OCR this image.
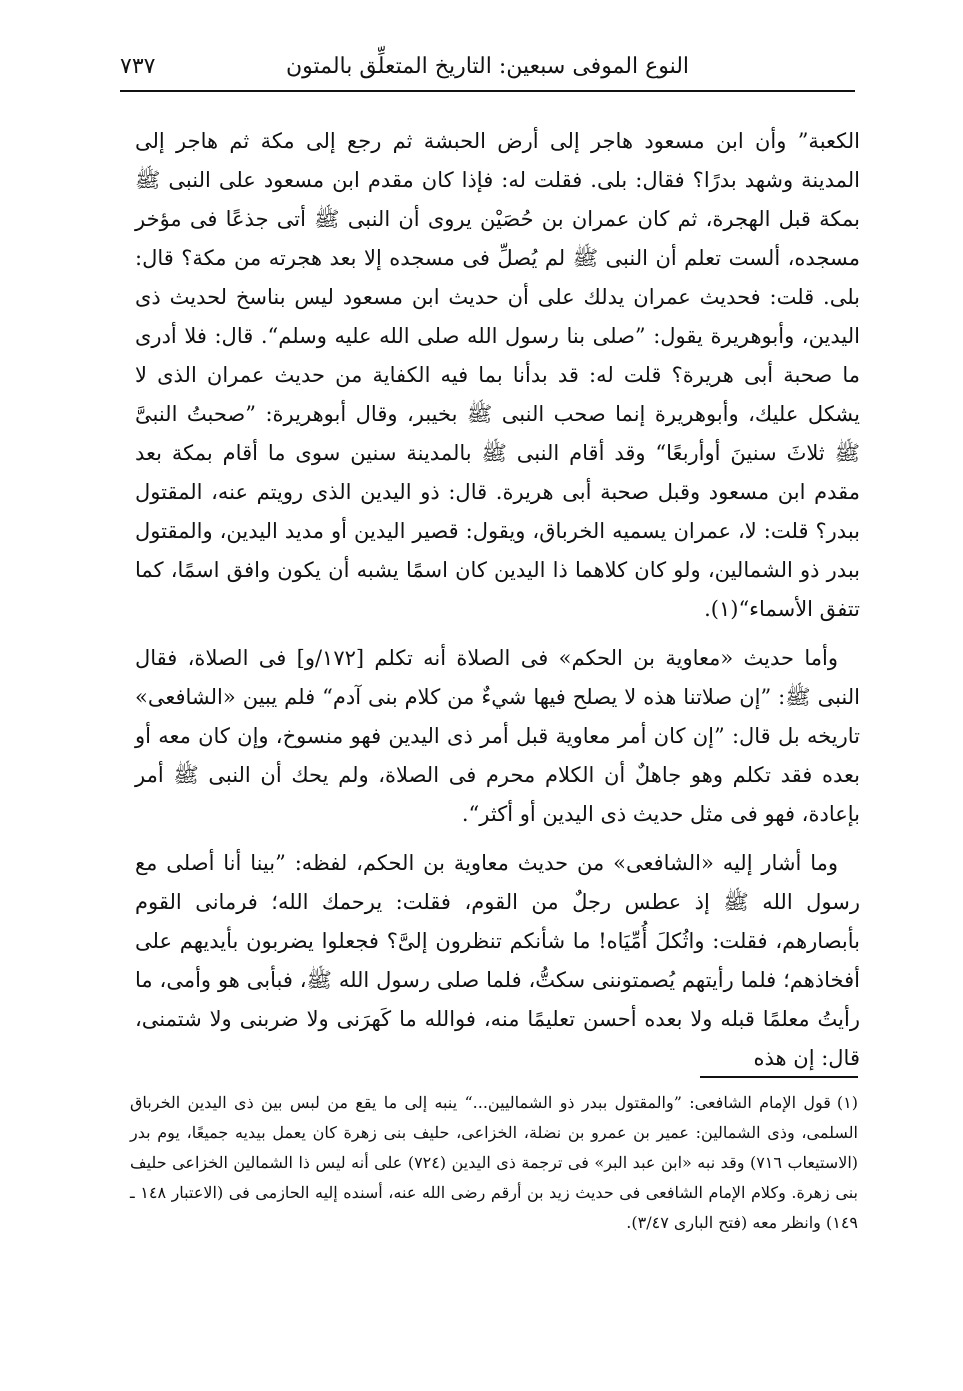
النوع الموفى سبعين: التاريخ المتعلِّق بالمتون
٧٣٧

الكعبة” وأن ابن مسعود هاجر إلى أرض الحبشة ثم رجع إلى مكة ثم هاجر إلى المدينة وشهد بدرًا؟ فقال: بلى. فقلت له: فإذا كان مقدم ابن مسعود على النبى ﷺ بمكة قبل الهجرة، ثم كان عمران بن حُصَيْن يروى أن النبى ﷺ أتى جذعًا فى مؤخر مسجده، ألست تعلم أن النبى ﷺ لم يُصلِّ فى مسجده إلا بعد هجرته من مكة؟ قال: بلى. قلت: فحديث عمران يدلك على أن حديث ابن مسعود ليس بناسخ لحديث ذى اليدين، وأبوهريرة يقول: ”صلى بنا رسول الله صلى الله عليه وسلم“. قال: فلا أدرى ما صحبة أبى هريرة؟ قلت له: قد بدأنا بما فيه الكفاية من حديث عمران الذى لا يشكل عليك، وأبوهريرة إنما صحب النبى ﷺ بخيبر، وقال أبوهريرة: ”صحبتُ النبىَّ ﷺ ثلاثَ سنينَ أوأربعًا“ وقد أقام النبى ﷺ بالمدينة سنين سوى ما أقام بمكة بعد مقدم ابن مسعود وقبل صحبة أبى هريرة. قال: ذو اليدين الذى رويتم عنه، المقتول ببدر؟ قلت: لا، عمران يسميه الخرباق، ويقول: قصير اليدين أو مديد اليدين، والمقتول ببدر ذو الشمالين، ولو كان كلاهما ذا اليدين كان اسمًا يشبه أن يكون وافق اسمًا، كما تتفق الأسماء“(١).

وأما حديث «معاوية بن الحكم» فى الصلاة أنه تكلم [١٧٢/و] فى الصلاة، فقال النبى ﷺ: ”إن صلاتنا هذه لا يصلح فيها شيءٌ من كلام بنى آدم“ فلم يبين «الشافعى» تاريخه بل قال: ”إن كان أمر معاوية قبل أمر ذى اليدين فهو منسوخ، وإن كان معه أو بعده فقد تكلم وهو جاهلٌ أن الكلام محرم فى الصلاة، ولم يحك أن النبى ﷺ أمر بإعادة، فهو فى مثل حديث ذى اليدين أو أكثر“.

وما أشار إليه «الشافعى» من حديث معاوية بن الحكم، لفظه: ”بينا أنا أصلى مع رسول الله ﷺ إذ عطس رجلٌ من القوم، فقلت: يرحمك الله؛ فرمانى القوم بأبصارهم، فقلت: واثُكلَ أُمِّيَاه! ما شأنكم تنظرون إلىَّ؟ فجعلوا يضربون بأيديهم على أفخاذهم؛ فلما رأيتهم يُصمتوننى سكتُّ، فلما صلى رسول الله ﷺ، فبأبى هو وأمى، ما رأيتُ معلمًا قبله ولا بعده أحسن تعليمًا منه، فوالله ما كَهرَنى ولا ضربنى ولا شتمنى، قال: إن هذه

(١)قول الإمام الشافعى: ”والمقتول ببدر ذو الشماليين...“ ينبه إلى ما يقع من لبس بين ذى اليدين الخرباق السلمى، وذى الشمالين: عمير بن عمرو بن نضلة، الخزاعى، حليف بنى زهرة كان يعمل بيديه جميعًا، يوم بدر (الاستيعاب ٧١٦) وقد نبه «ابن عبد البر» فى ترجمة ذى اليدين (٧٢٤) على أنه ليس ذا الشمالين الخزاعى حليف بنى زهرة. وكلام الإمام الشافعى فى حديث زيد بن أرقم رضى الله عنه، أسنده إليه الحازمى فى (الاعتبار ١٤٨ ـ ١٤٩) وانظر معه (فتح البارى ٣/٤٧).
